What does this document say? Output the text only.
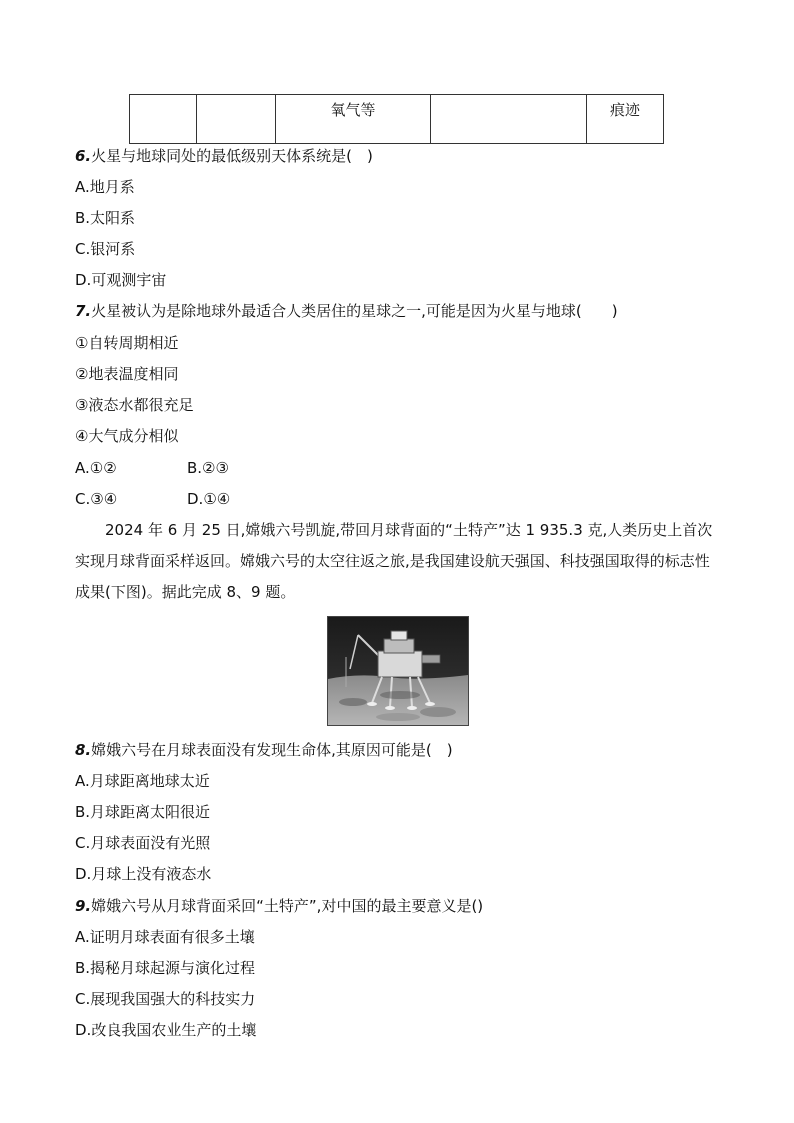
		氧气等		痕迹
6.火星与地球同处的最低级别天体系统是(　)
A.地月系
B.太阳系
C.银河系
D.可观测宇宙
7.火星被认为是除地球外最适合人类居住的星球之一,可能是因为火星与地球(　　)
①自转周期相近
②地表温度相同
③液态水都很充足
④大气成分相似
A.①②	B.②③
C.③④	D.①④
2024 年 6 月 25 日,嫦娥六号凯旋,带回月球背面的“土特产”达 1 935.3 克,人类历史上首次实现月球背面采样返回。嫦娥六号的太空往返之旅,是我国建设航天强国、科技强国取得的标志性成果(下图)。据此完成 8、9 题。
8.嫦娥六号在月球表面没有发现生命体,其原因可能是(　)
A.月球距离地球太近
B.月球距离太阳很近
C.月球表面没有光照
D.月球上没有液态水
9.嫦娥六号从月球背面采回“土特产”,对中国的最主要意义是()
A.证明月球表面有很多土壤
B.揭秘月球起源与演化过程
C.展现我国强大的科技实力
D.改良我国农业生产的土壤
